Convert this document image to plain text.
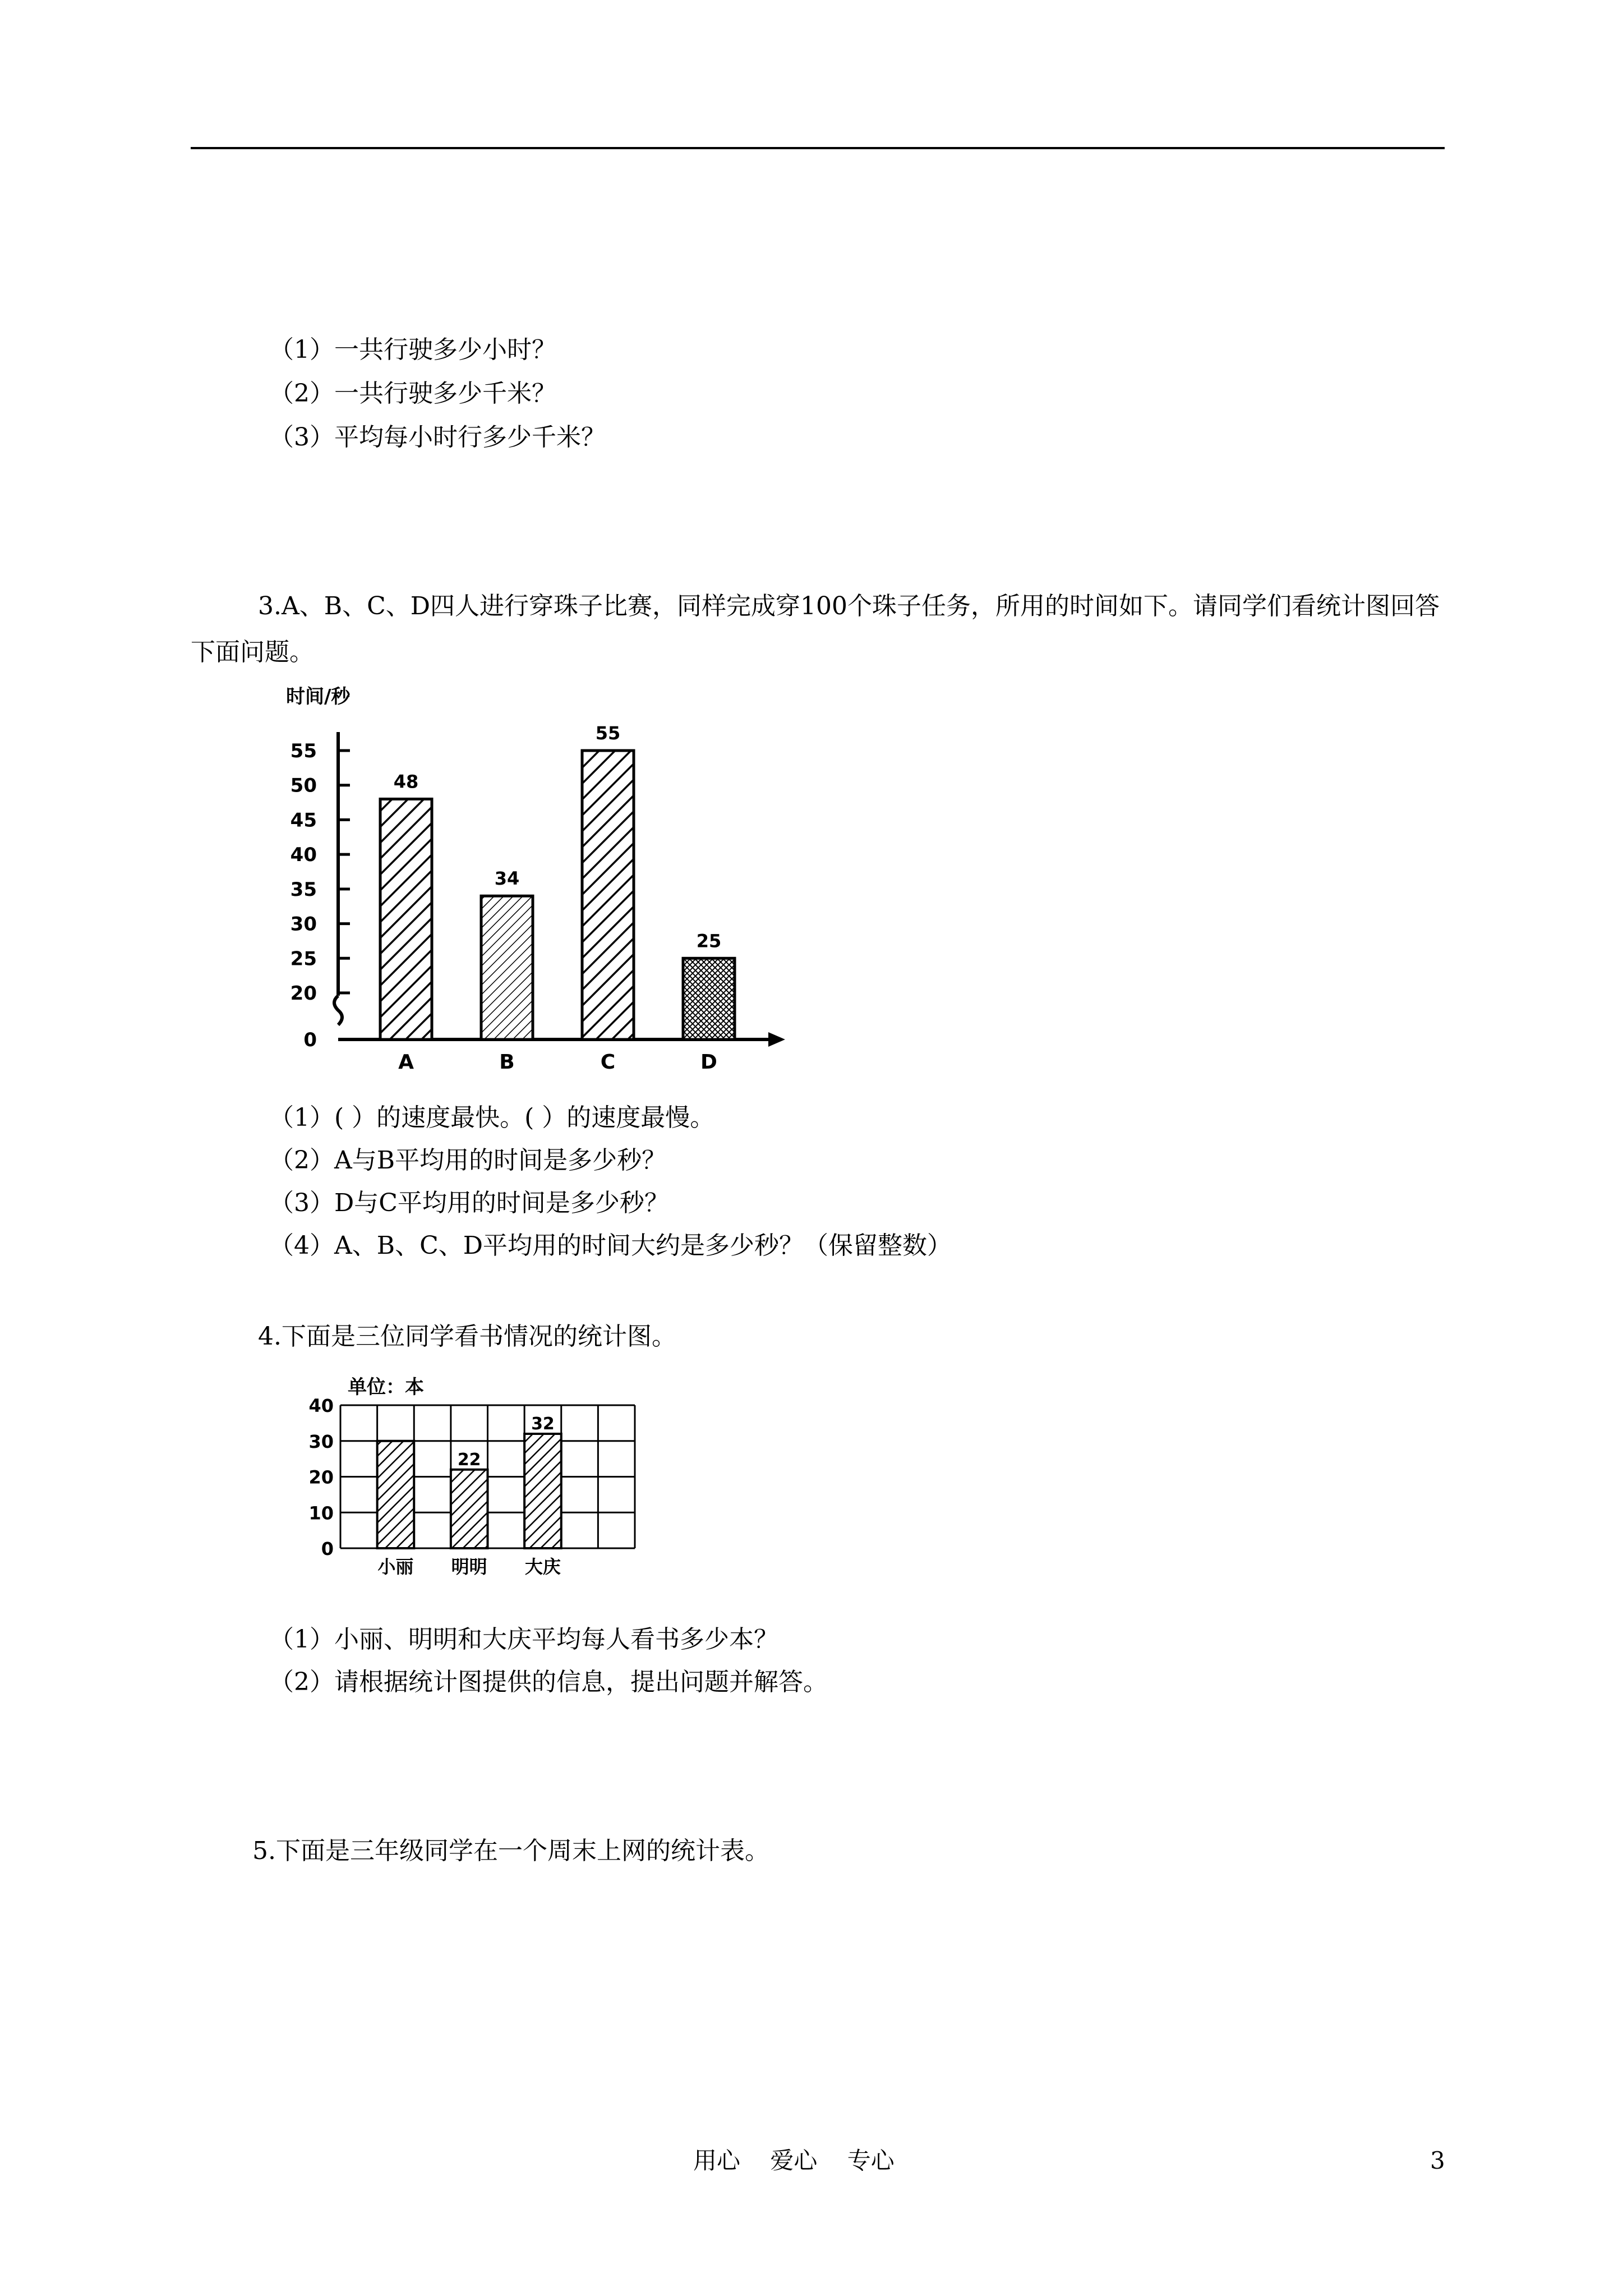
（1）一共行驶多少小时？
（2）一共行驶多少千米？
（3）平均每小时行多少千米？
3.A、B、C、D四人进行穿珠子比赛，同样完成穿100个珠子任务，所用的时间如下。请同学们看统计图回答下面问题。
时间/秒
0
20
25
30
35
40
45
50
55
48
A
34
B
55
C
25
D
（1）( ）的速度最快。( ）的速度最慢。
（2）A与B平均用的时间是多少秒？
（3）D与C平均用的时间是多少秒？
（4）A、B、C、D平均用的时间大约是多少秒？（保留整数）
4.下面是三位同学看书情况的统计图。
单位：本
0
10
20
30
40
小丽
22
明明
32
大庆
（1）小丽、明明和大庆平均每人看书多少本？
（2）请根据统计图提供的信息，提出问题并解答。
5.下面是三年级同学在一个周末上网的统计表。
用心    爱心    专心	3
